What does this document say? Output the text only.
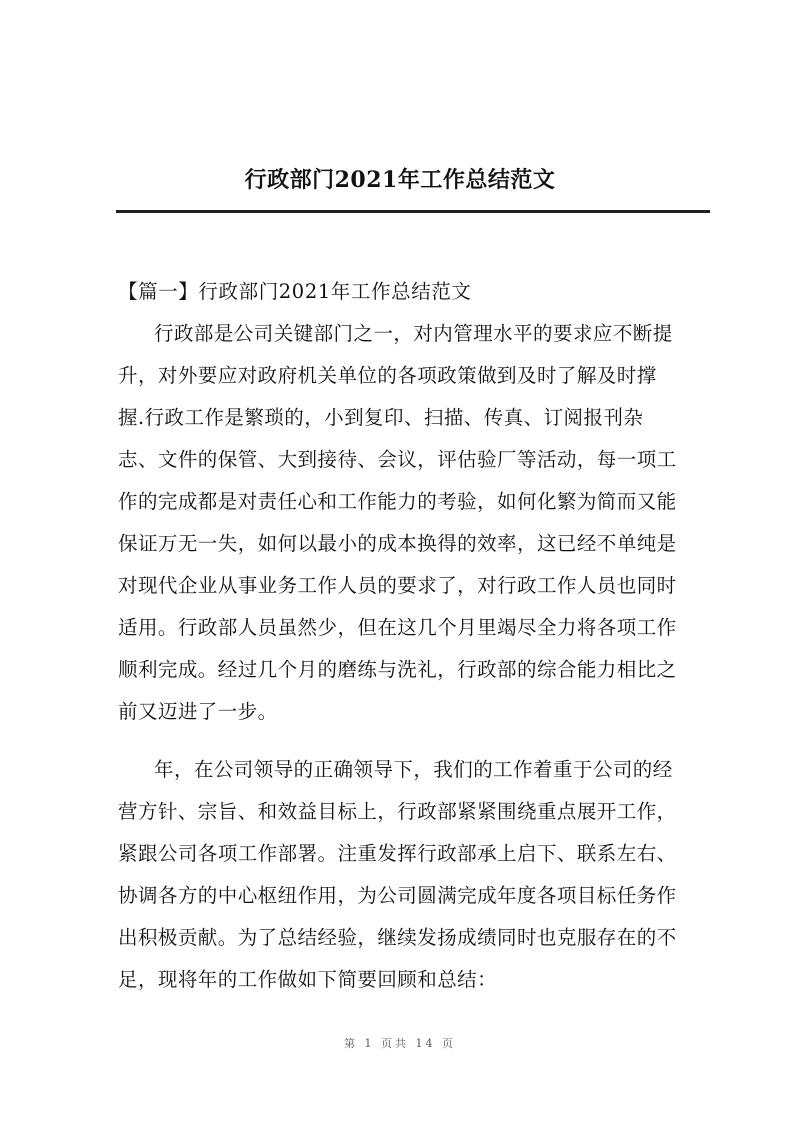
行政部门2021年工作总结范文
【篇一】行政部门2021年工作总结范文
行政部是公司关键部门之一，对内管理水平的要求应不断提
升，对外要应对政府机关单位的各项政策做到及时了解及时撑
握.行政工作是繁琐的，小到复印、扫描、传真、订阅报刊杂
志、文件的保管、大到接待、会议，评估验厂等活动，每一项工
作的完成都是对责任心和工作能力的考验，如何化繁为简而又能
保证万无一失，如何以最小的成本换得的效率，这已经不单纯是
对现代企业从事业务工作人员的要求了，对行政工作人员也同时
适用。行政部人员虽然少，但在这几个月里竭尽全力将各项工作
顺利完成。经过几个月的磨练与洗礼，行政部的综合能力相比之
前又迈进了一步。
年，在公司领导的正确领导下，我们的工作着重于公司的经
营方针、宗旨、和效益目标上，行政部紧紧围绕重点展开工作，
紧跟公司各项工作部署。注重发挥行政部承上启下、联系左右、
协调各方的中心枢纽作用，为公司圆满完成年度各项目标任务作
出积极贡献。为了总结经验，继续发扬成绩同时也克服存在的不
足，现将年的工作做如下简要回顾和总结：
第 1 页共 14 页
